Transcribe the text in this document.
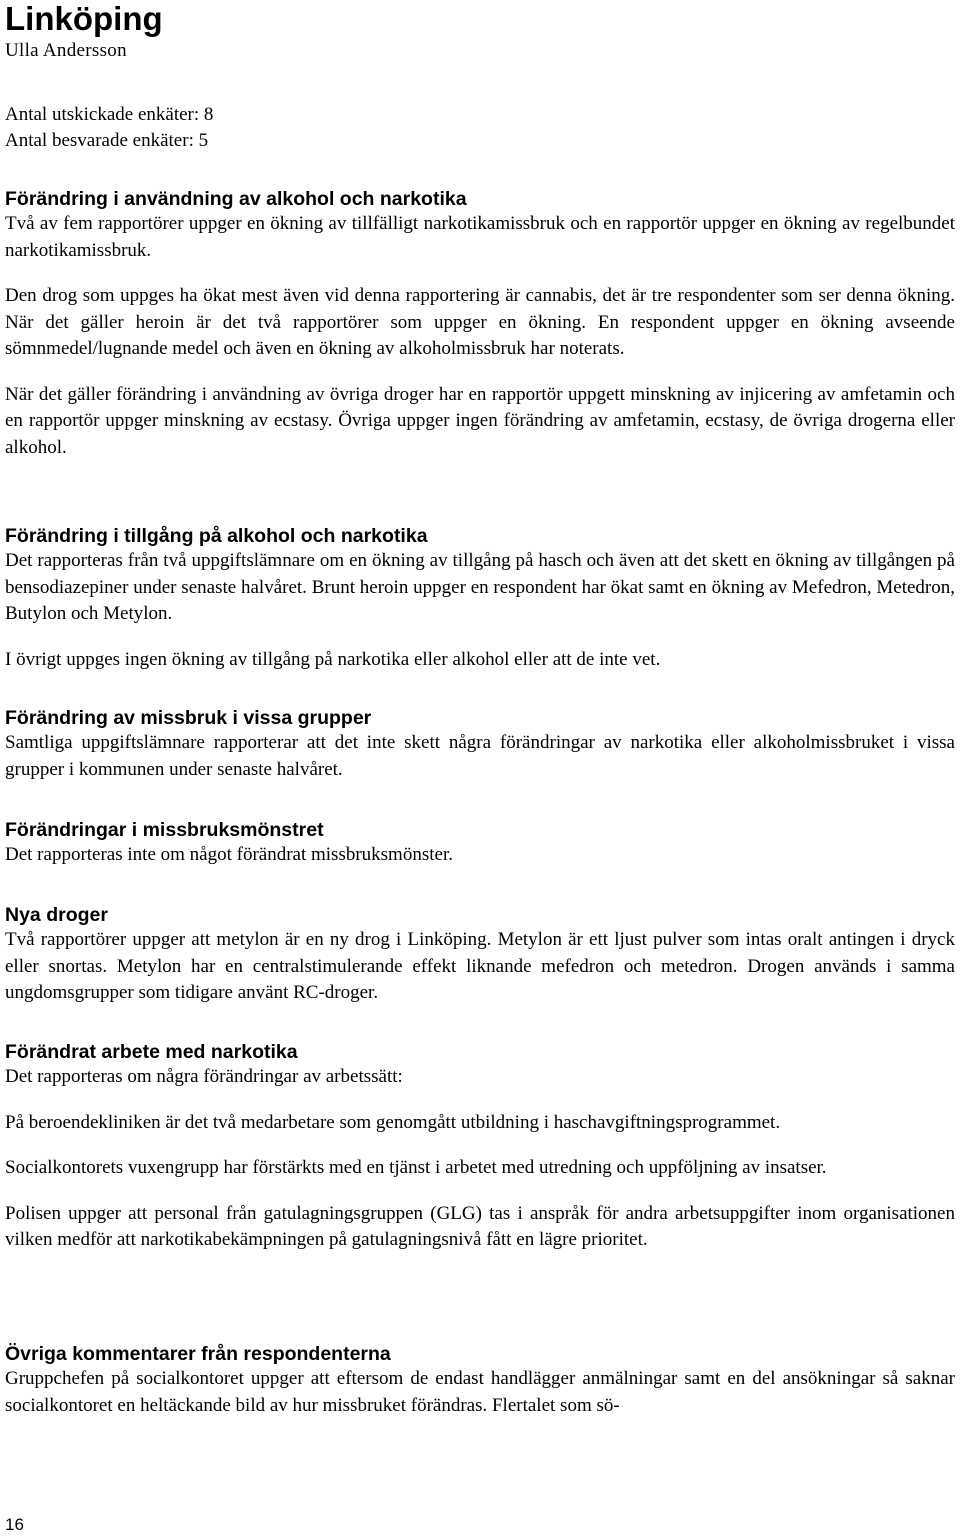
Linköping
Ulla Andersson
Antal utskickade enkäter: 8
Antal besvarade enkäter: 5
Förändring i användning av alkohol och narkotika

Två av fem rapportörer uppger en ökning av tillfälligt narkotikamissbruk och en rapportör uppger en ökning av regelbundet narkotikamissbruk.

Den drog som uppges ha ökat mest även vid denna rapportering är cannabis, det är tre respondenter som ser denna ökning. När det gäller heroin är det två rapportörer som uppger en ökning. En respondent uppger en ökning avseende sömnmedel/lugnande medel och även en ökning av alkoholmissbruk har noterats.

När det gäller förändring i användning av övriga droger har en rapportör uppgett minskning av injicering av amfetamin och en rapportör uppger minskning av ecstasy. Övriga uppger ingen förändring av amfetamin, ecstasy, de övriga drogerna eller alkohol.

Förändring i tillgång på alkohol och narkotika

Det rapporteras från två uppgiftslämnare om en ökning av tillgång på hasch och även att det skett en ökning av tillgången på bensodiazepiner under senaste halvåret. Brunt heroin uppger en respondent har ökat samt en ökning av Mefedron, Metedron, Butylon och Metylon.

I övrigt uppges ingen ökning av tillgång på narkotika eller alkohol eller att de inte vet.

Förändring av missbruk i vissa grupper

Samtliga uppgiftslämnare rapporterar att det inte skett några förändringar av narkotika eller alkoholmissbruket i vissa grupper i kommunen under senaste halvåret.

Förändringar i missbruksmönstret

Det rapporteras inte om något förändrat missbruksmönster.

Nya droger

Två rapportörer uppger att metylon är en ny drog i Linköping. Metylon är ett ljust pulver som intas oralt antingen i dryck eller snortas. Metylon har en centralstimulerande effekt liknande mefedron och metedron. Drogen används i samma ungdomsgrupper som tidigare använt RC-droger.

Förändrat arbete med narkotika

Det rapporteras om några förändringar av arbetssätt:

På beroendekliniken är det två medarbetare som genomgått utbildning i haschavgiftningsprogrammet.

Socialkontorets vuxengrupp har förstärkts med en tjänst i arbetet med utredning och uppföljning av insatser.

Polisen uppger att personal från gatulagningsgruppen (GLG) tas i anspråk för andra arbetsuppgifter inom organisationen vilken medför att narkotikabekämpningen på gatulagningsnivå fått en lägre prioritet.

Övriga kommentarer från respondenterna

Gruppchefen på socialkontoret uppger att eftersom de endast handlägger anmälningar samt en del ansökningar så saknar socialkontoret en heltäckande bild av hur missbruket förändras. Flertalet som sö-

16
